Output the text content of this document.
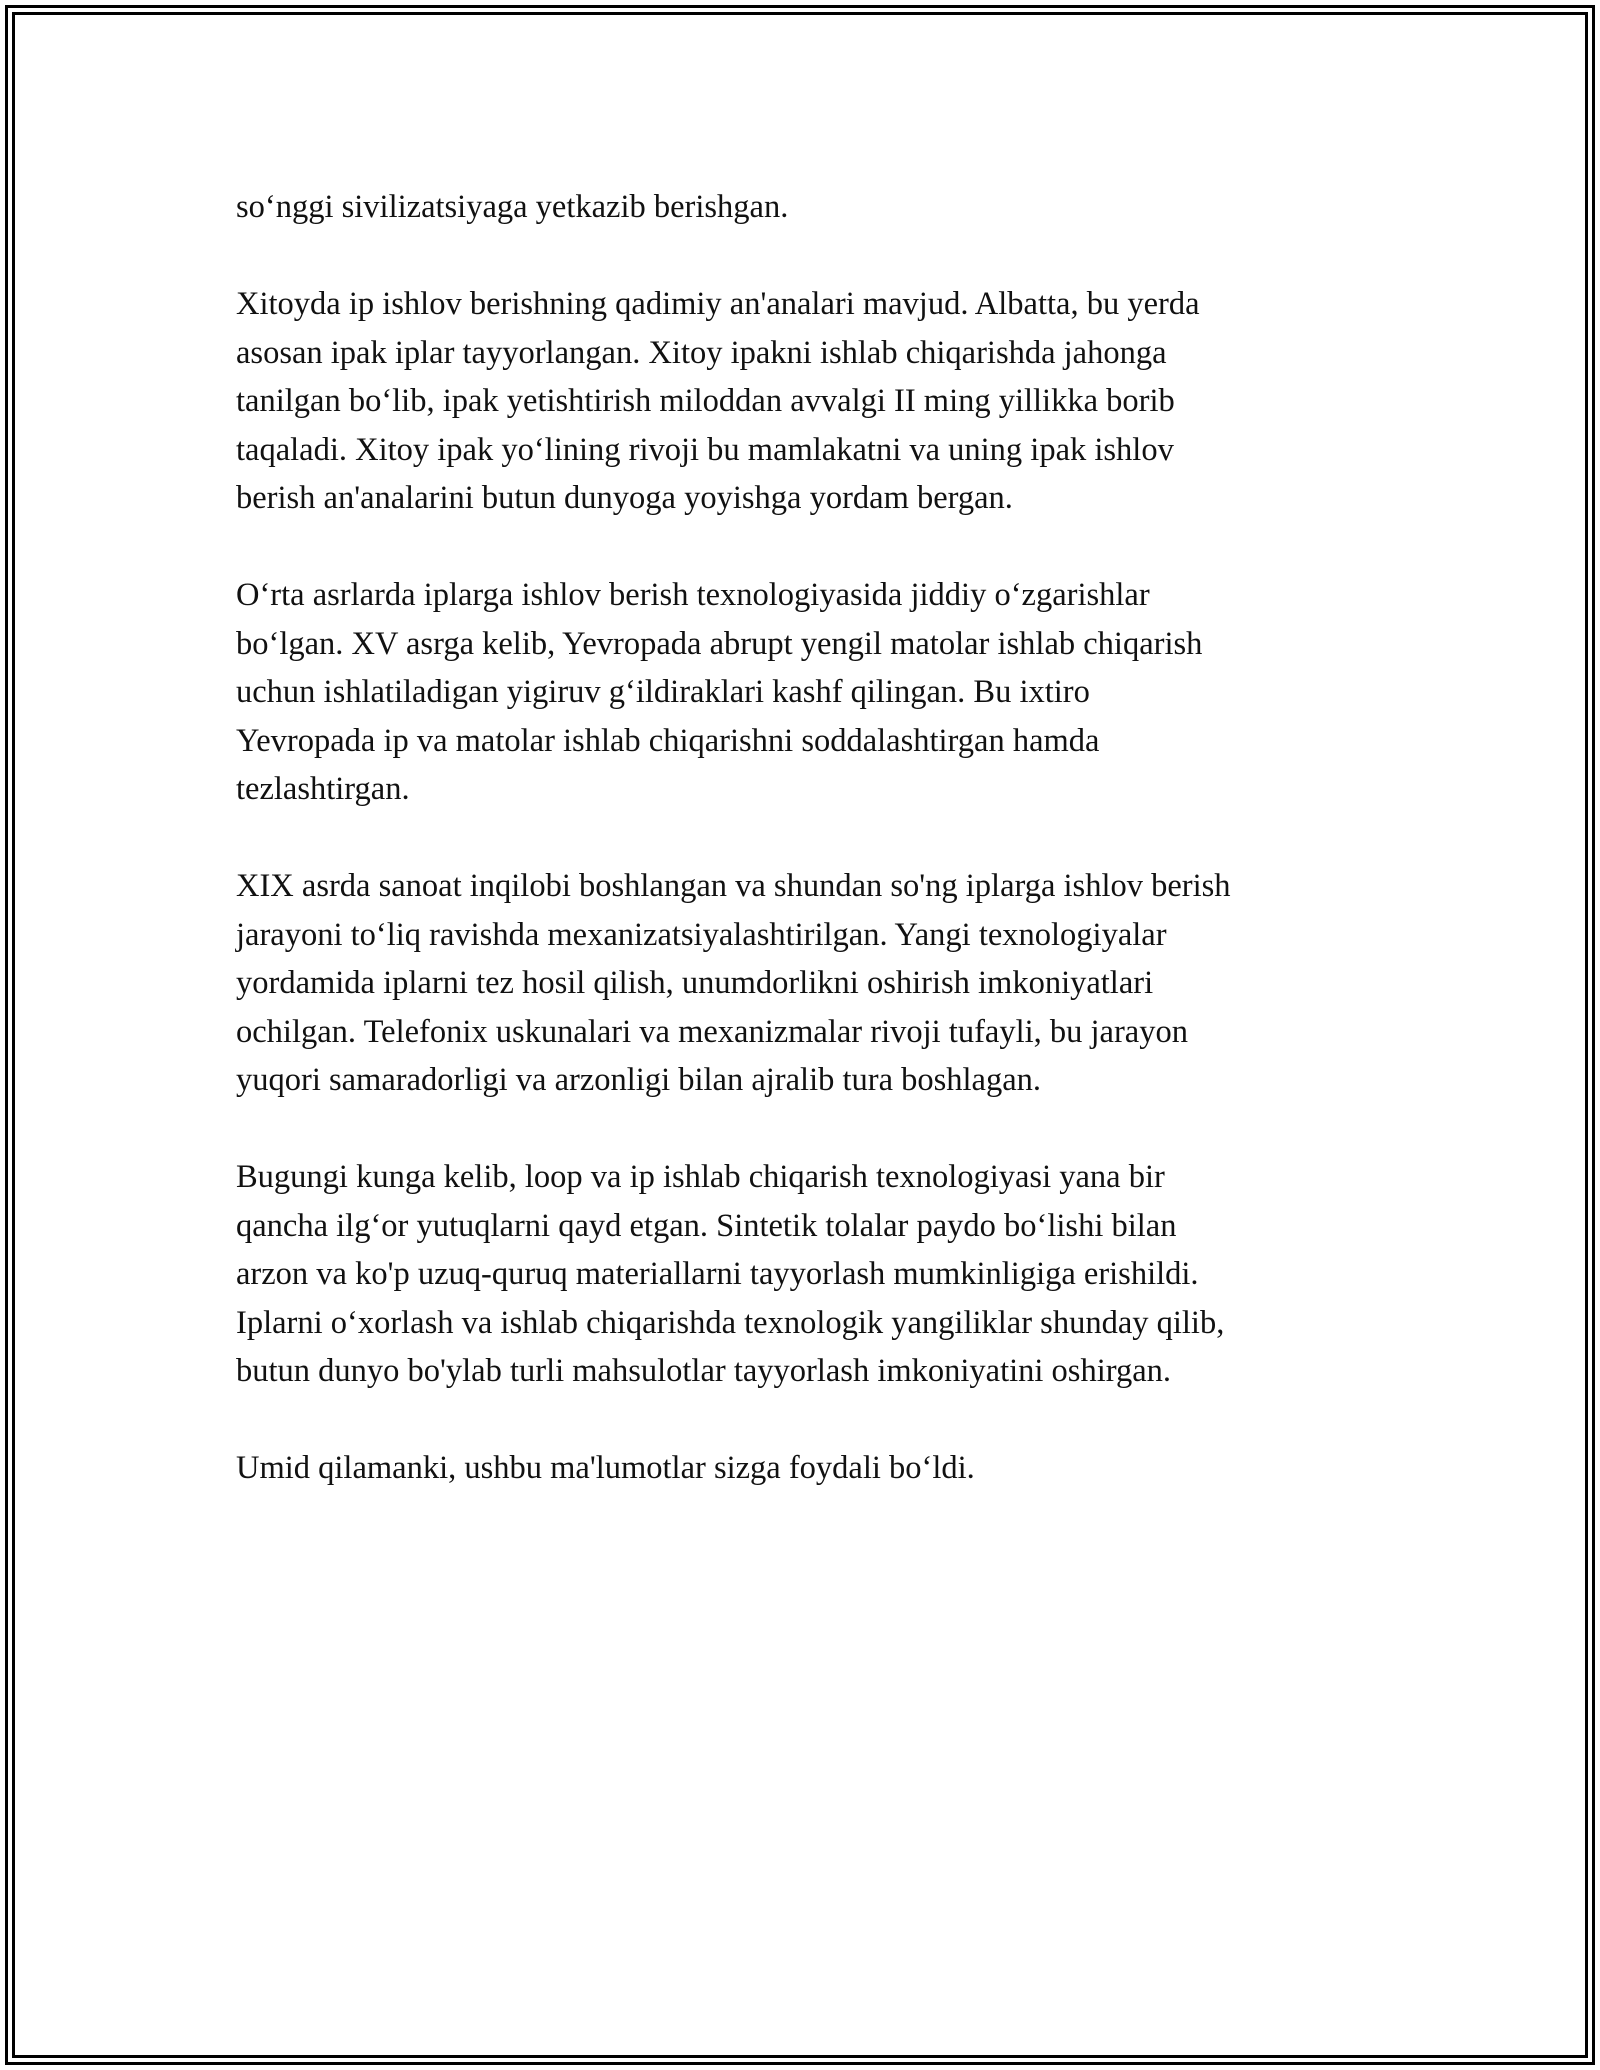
so‘nggi sivilizatsiyaga yetkazib berishgan.

Xitoyda ip ishlov berishning qadimiy an'analari mavjud. Albatta, bu yerda
asosan ipak iplar tayyorlangan. Xitoy ipakni ishlab chiqarishda jahonga
tanilgan bo‘lib, ipak yetishtirish miloddan avvalgi II ming yillikka borib
taqaladi. Xitoy ipak yo‘lining rivoji bu mamlakatni va uning ipak ishlov
berish an'analarini butun dunyoga yoyishga yordam bergan.

O‘rta asrlarda iplarga ishlov berish texnologiyasida jiddiy o‘zgarishlar
bo‘lgan. XV asrga kelib, Yevropada abrupt yengil matolar ishlab chiqarish
uchun ishlatiladigan yigiruv g‘ildiraklari kashf qilingan. Bu ixtiro
Yevropada ip va matolar ishlab chiqarishni soddalashtirgan hamda
tezlashtirgan.

XIX asrda sanoat inqilobi boshlangan va shundan so'ng iplarga ishlov berish
jarayoni to‘liq ravishda mexanizatsiyalashtirilgan. Yangi texnologiyalar
yordamida iplarni tez hosil qilish, unumdorlikni oshirish imkoniyatlari
ochilgan. Telefonix uskunalari va mexanizmalar rivoji tufayli, bu jarayon
yuqori samaradorligi va arzonligi bilan ajralib tura boshlagan.

Bugungi kunga kelib, loop va ip ishlab chiqarish texnologiyasi yana bir
qancha ilg‘or yutuqlarni qayd etgan. Sintetik tolalar paydo bo‘lishi bilan
arzon va ko'p uzuq-quruq materiallarni tayyorlash mumkinligiga erishildi.
Iplarni o‘xorlash va ishlab chiqarishda texnologik yangiliklar shunday qilib,
butun dunyo bo'ylab turli mahsulotlar tayyorlash imkoniyatini oshirgan.

Umid qilamanki, ushbu ma'lumotlar sizga foydali bo‘ldi.
